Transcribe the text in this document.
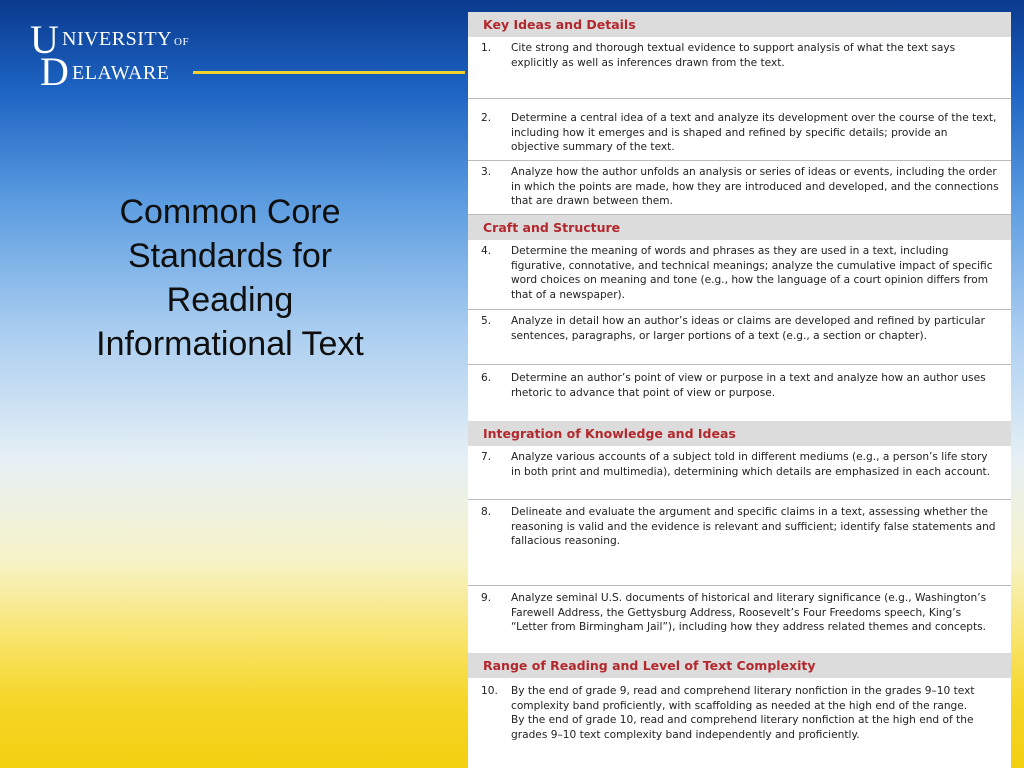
U
D
NIVERSITY OF
ELAWARE
Common Core
Standards for
Reading
Informational Text
Key Ideas and Details
1.	Cite strong and thorough textual evidence to support analysis of what the text says explicitly as well as inferences drawn from the text.

2.	Determine a central idea of a text and analyze its development over the course of the text, including how it emerges and is shaped and refined by specific details; provide an objective summary of the text.

3.	Analyze how the author unfolds an analysis or series of ideas or events, including the order in which the points are made, how they are introduced and developed, and the connections that are drawn between them.

Craft and Structure
4.	Determine the meaning of words and phrases as they are used in a text, including figurative, connotative, and technical meanings; analyze the cumulative impact of specific word choices on meaning and tone (e.g., how the language of a court opinion differs from that of a newspaper).

5.	Analyze in detail how an author’s ideas or claims are developed and refined by particular sentences, paragraphs, or larger portions of a text (e.g., a section or chapter).

6.	Determine an author’s point of view or purpose in a text and analyze how an author uses rhetoric to advance that point of view or purpose.

Integration of Knowledge and Ideas
7.	Analyze various accounts of a subject told in different mediums (e.g., a person’s life story in both print and multimedia), determining which details are emphasized in each account.

8.	Delineate and evaluate the argument and specific claims in a text, assessing whether the reasoning is valid and the evidence is relevant and sufficient; identify false statements and fallacious reasoning.

9.	Analyze seminal U.S. documents of historical and literary significance (e.g., Washington’s Farewell Address, the Gettysburg Address, Roosevelt’s Four Freedoms speech, King’s “Letter from Birmingham Jail”), including how they address related themes and concepts.

Range of Reading and Level of Text Complexity
10.	By the end of grade 9, read and comprehend literary nonfiction in the grades 9–10 text complexity band proficiently, with scaffolding as needed at the high end of the range.

By the end of grade 10, read and comprehend literary nonfiction at the high end of the grades 9–10 text complexity band independently and proficiently.
